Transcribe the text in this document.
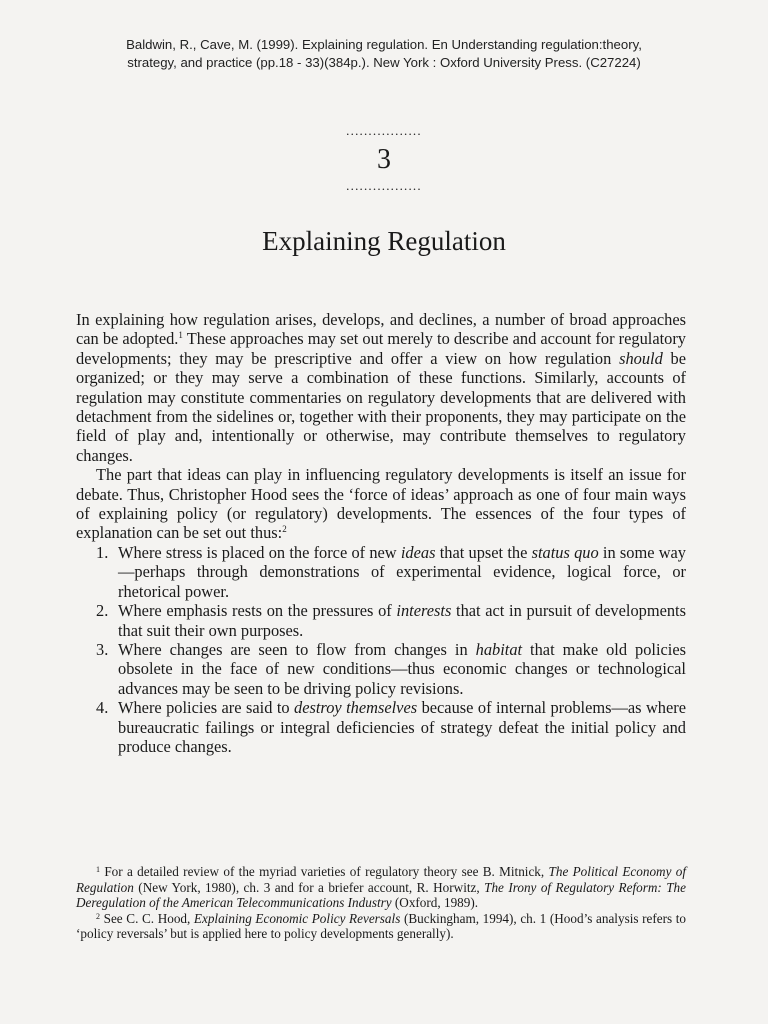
Baldwin, R., Cave, M. (1999). Explaining regulation. En Understanding regulation:theory,
strategy, and practice (pp.18 - 33)(384p.). New York : Oxford University Press. (C27224)
.................
3
.................
Explaining Regulation

In explaining how regulation arises, develops, and declines, a number of broad approaches can be adopted.$^1$ These approaches may set out merely to describe and account for regulatory developments; they may be prescriptive and offer a view on how regulation should be organized; or they may serve a combination of these functions. Similarly, accounts of regulation may constitute commentaries on regulatory developments that are delivered with detachment from the sidelines or, together with their proponents, they may participate on the field of play and, intentionally or otherwise, may contribute themselves to regulatory changes.

The part that ideas can play in influencing regulatory developments is itself an issue for debate. Thus, Christopher Hood sees the ‘force of ideas’ approach as one of four main ways of explaining policy (or regulatory) developments. The essences of the four types of explanation can be set out thus:$^2$

1. Where stress is placed on the force of new ideas that upset the status quo in some way—perhaps through demonstrations of experimental evidence, logical force, or rhetorical power.
2. Where emphasis rests on the pressures of interests that act in pursuit of developments that suit their own purposes.
3. Where changes are seen to flow from changes in habitat that make old policies obsolete in the face of new conditions—thus economic changes or technological advances may be seen to be driving policy revisions.
4. Where policies are said to destroy themselves because of internal problems—as where bureaucratic failings or integral deficiencies of strategy defeat the initial policy and produce changes.

$^1$ For a detailed review of the myriad varieties of regulatory theory see B. Mitnick, The Political Economy of Regulation (New York, 1980), ch. 3 and for a briefer account, R. Horwitz, The Irony of Regulatory Reform: The Deregulation of the American Telecommunications Industry (Oxford, 1989).

$^2$ See C. C. Hood, Explaining Economic Policy Reversals (Buckingham, 1994), ch. 1 (Hood’s analysis refers to ‘policy reversals’ but is applied here to policy developments generally).
